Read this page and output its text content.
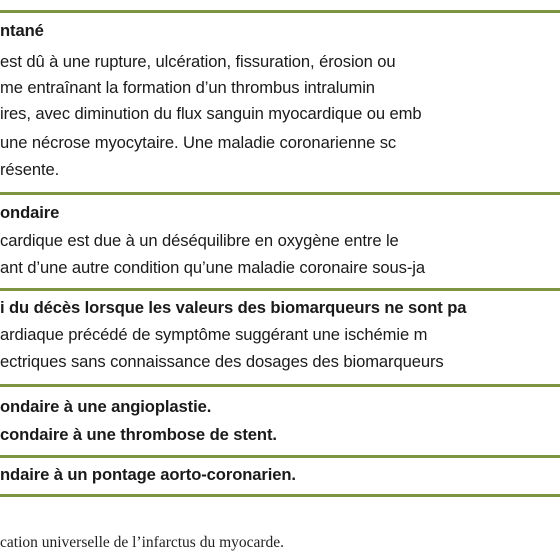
ntané
est dû à une rupture, ulcération, fissuration, érosion ou
me entraînant la formation d’un thrombus intralumin
ires, avec diminution du flux sanguin myocardique ou emb
une nécrose myocytaire. Une maladie coronarienne sc
résente.
ondaire
cardique est due à un déséquilibre en oxygène entre le
ant d’une autre condition qu’une maladie coronaire sous-ja
i du décès lorsque les valeurs des biomarqueurs ne sont pa
ardiaque précédé de symptôme suggérant une ischémie m
ectriques sans connaissance des dosages des biomarqueurs
ondaire à une angioplastie.
condaire à une thrombose de stent.
ndaire à un pontage aorto-coronarien.
cation universelle de l’infarctus du myocarde.
